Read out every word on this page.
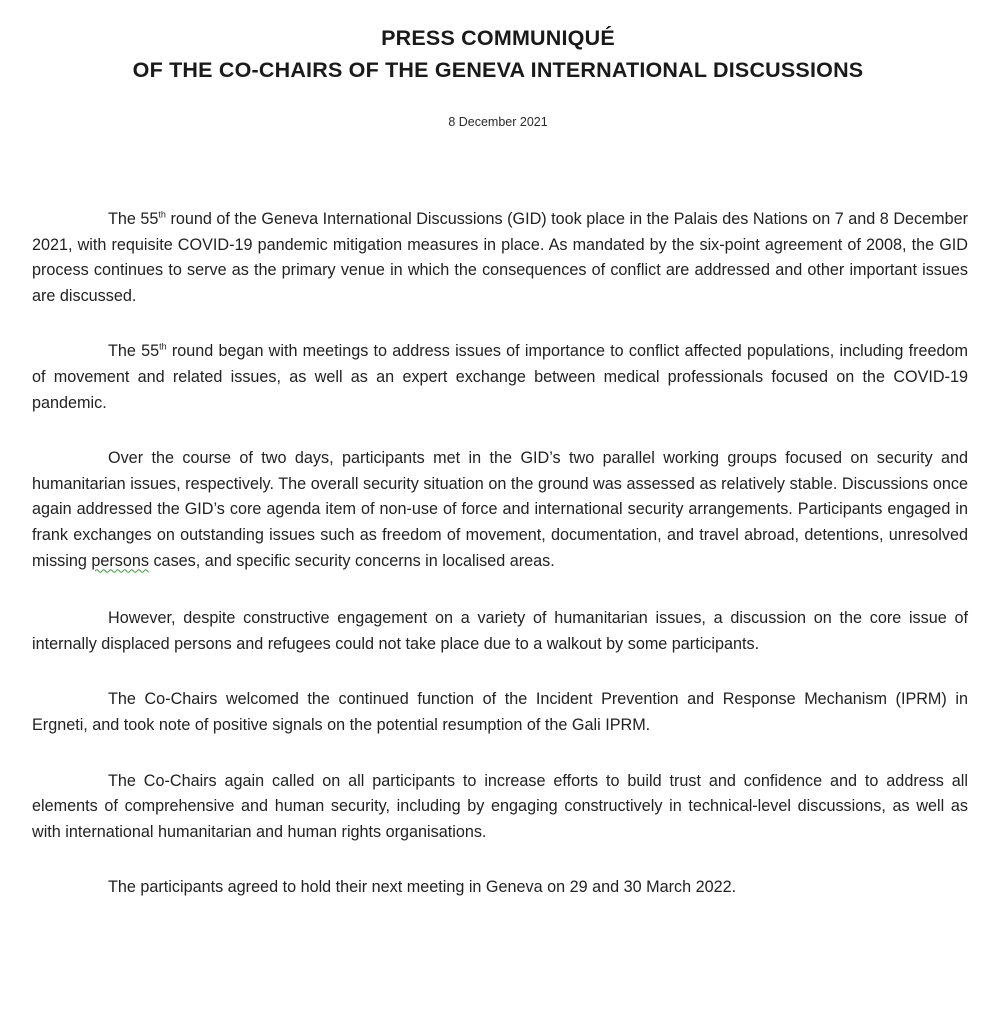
PRESS COMMUNIQUÉ
OF THE CO-CHAIRS OF THE GENEVA INTERNATIONAL DISCUSSIONS
8 December 2021

The 55th round of the Geneva International Discussions (GID) took place in the Palais des Nations on 7 and 8 December 2021, with requisite COVID-19 pandemic mitigation measures in place. As mandated by the six-point agreement of 2008, the GID process continues to serve as the primary venue in which the consequences of conflict are addressed and other important issues are discussed.

The 55th round began with meetings to address issues of importance to conflict affected populations, including freedom of movement and related issues, as well as an expert exchange between medical professionals focused on the COVID-19 pandemic.

Over the course of two days, participants met in the GID’s two parallel working groups focused on security and humanitarian issues, respectively. The overall security situation on the ground was assessed as relatively stable. Discussions once again addressed the GID’s core agenda item of non-use of force and international security arrangements. Participants engaged in frank exchanges on outstanding issues such as freedom of movement, documentation, and travel abroad, detentions, unresolved missing persons cases, and specific security concerns in localised areas.

However, despite constructive engagement on a variety of humanitarian issues, a discussion on the core issue of internally displaced persons and refugees could not take place due to a walkout by some participants.

The Co-Chairs welcomed the continued function of the Incident Prevention and Response Mechanism (IPRM) in Ergneti, and took note of positive signals on the potential resumption of the Gali IPRM.

The Co-Chairs again called on all participants to increase efforts to build trust and confidence and to address all elements of comprehensive and human security, including by engaging constructively in technical-level discussions, as well as with international humanitarian and human rights organisations.

The participants agreed to hold their next meeting in Geneva on 29 and 30 March 2022.
